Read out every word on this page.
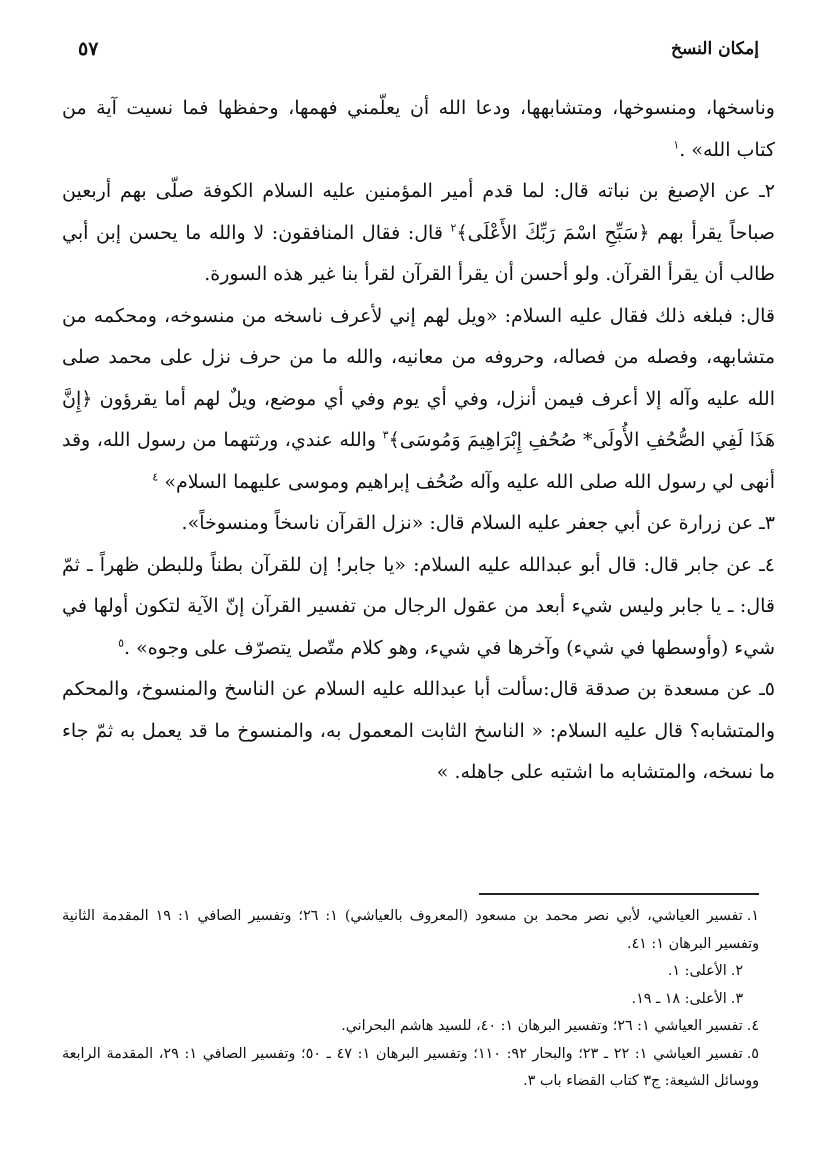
إمكان النسخ
٥٧

وناسخها، ومنسوخها، ومتشابهها، ودعا الله أن يعلّمني فهمها، وحفظها فما نسيت آية من كتاب الله» .$^١$

٢ـ عن الإصبغ بن نباته قال: لما قدم أمير المؤمنين عليه السلام الكوفة صلّى بهم أربعين صباحاً يقرأ بهم ﴿سَبِّحِ اسْمَ رَبِّكَ الأَعْلَى﴾$^٢$ قال: فقال المنافقون: لا والله ما يحسن إبن أبي طالب أن يقرأ القرآن. ولو أحسن أن يقرأ القرآن لقرأ بنا غير هذه السورة.

قال: فبلغه ذلك فقال عليه السلام: «ويل لهم إني لأعرف ناسخه من منسوخه، ومحكمه من متشابهه، وفصله من فصاله، وحروفه من معانيه، والله ما من حرف نزل على محمد صلى الله عليه وآله إلا أعرف فيمن أنزل، وفي أي يوم وفي أي موضع، ويلٌ لهم أما يقرؤون ﴿إِنَّ هَذَا لَفِي الصُّحُفِ الأُولَى* صُحُفِ إِبْرَاهِيمَ وَمُوسَى﴾$^٣$ والله عندي، ورثتهما من رسول الله، وقد أنهى لي رسول الله صلى الله عليه وآله صُحُف إبراهيم وموسى عليهما السلام» $^٤$

٣ـ عن زرارة عن أبي جعفر عليه السلام قال: «نزل القرآن ناسخاً ومنسوخاً».

٤ـ عن جابر قال: قال أبو عبدالله عليه السلام: «يا جابر! إن للقرآن بطناً وللبطن ظهراً ـ ثمّ قال: ـ يا جابر وليس شيء أبعد من عقول الرجال من تفسير القرآن إنّ الآية لتكون أولها في شيء (وأوسطها في شيء) وآخرها في شيء، وهو كلام متّصل يتصرّف على وجوه» .$^٥$

٥ـ عن مسعدة بن صدقة قال:سألت أبا عبدالله عليه السلام عن الناسخ والمنسوخ، والمحكم والمتشابه؟ قال عليه السلام: « الناسخ الثابت المعمول به، والمنسوخ ما قد يعمل به ثمّ جاء ما نسخه، والمتشابه ما اشتبه على جاهله. »

١.تفسير العياشي، لأبي نصر محمد بن مسعود (المعروف بالعياشي) ١: ٢٦؛ وتفسير الصافي ١: ١٩ المقدمة الثانية وتفسير البرهان ١: ٤١.

٢.الأعلى: ١.

٣.الأعلى: ١٨ ـ ١٩.

٤.تفسير العياشي ١: ٢٦؛ وتفسير البرهان ١: ٤٠، للسيد هاشم البحراني.

٥.تفسير العياشي ١: ٢٢ ـ ٢٣؛ والبحار ٩٢: ١١٠؛ وتفسير البرهان ١: ٤٧ ـ ٥٠؛ وتفسير الصافي ١: ٢٩، المقدمة الرابعة ووسائل الشيعة: ج٣ كتاب القضاء باب ٣.
